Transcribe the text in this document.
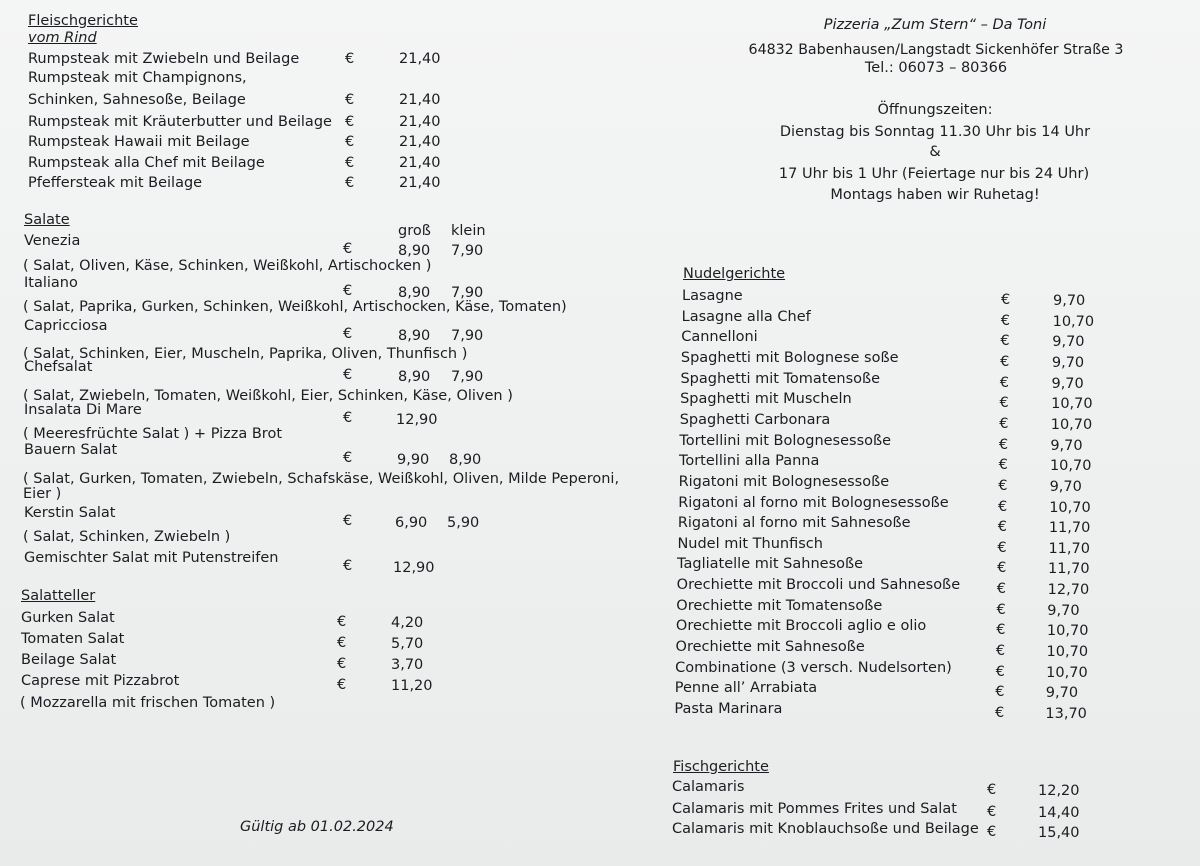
Pizzeria „Zum Stern“ – Da Toni
64832 Babenhausen/Langstadt Sickenhöfer Straße 3
Tel.: 06073 – 80366
Öffnungszeiten:
Dienstag bis Sonntag 11.30 Uhr bis 14 Uhr
&
17 Uhr bis 1 Uhr (Feiertage nur bis 24 Uhr)
Montags haben wir Ruhetag!
Fleischgerichte
vom Rind
Salate
groß klein
Salatteller
( Mozzarella mit frischen Tomaten )
Gültig ab 01.02.2024
Nudelgerichte
Fischgerichte
Rumpsteak mit Zwiebeln und Beilage	€	21,40
Rumpsteak mit Champignons,
Schinken, Sahnesoße, Beilage	€	21,40
Rumpsteak mit Kräuterbutter und Beilage €	21,40
Rumpsteak Hawaii mit Beilage	€	21,40
Rumpsteak alla Chef mit Beilage	€	21,40
Pfeffersteak mit Beilage	€	21,40
Venezia	€	8,90 7,90
( Salat, Oliven, Käse, Schinken, Weißkohl, Artischocken )
Italiano	€	8,90 7,90
( Salat, Paprika, Gurken, Schinken, Weißkohl, Artischocken, Käse, Tomaten)
Capricciosa	€	8,90 7,90
( Salat, Schinken, Eier, Muscheln, Paprika, Oliven, Thunfisch )
Chefsalat	€	8,90 7,90
( Salat, Zwiebeln, Tomaten, Weißkohl, Eier, Schinken, Käse, Oliven )
Insalata Di Mare	€	12,90
( Meeresfrüchte Salat ) + Pizza Brot
Bauern Salat	€	9,90 8,90
( Salat, Gurken, Tomaten, Zwiebeln, Schafskäse, Weißkohl, Oliven, Milde Peperoni,
Eier )
Kerstin Salat	€	6,90 5,90
( Salat, Schinken, Zwiebeln )
Gemischter Salat mit Putenstreifen	€	12,90
Gurken Salat	€	4,20
Tomaten Salat	€	5,70
Beilage Salat	€	3,70
Caprese mit Pizzabrot	€	11,20
Lasagne	€	9,70
Lasagne alla Chef	€	10,70
Cannelloni	€	9,70
Spaghetti mit Bolognese soße	€	9,70
Spaghetti mit Tomatensoße	€	9,70
Spaghetti mit Muscheln	€	10,70
Spaghetti Carbonara	€	10,70
Tortellini mit Bolognesessoße	€	9,70
Tortellini alla Panna	€	10,70
Rigatoni mit Bolognesessoße	€	9,70
Rigatoni al forno mit Bolognesessoße	€	10,70
Rigatoni al forno mit Sahnesoße	€	11,70
Nudel mit Thunfisch	€	11,70
Tagliatelle mit Sahnesoße	€	11,70
Orechiette mit Broccoli und Sahnesoße	€	12,70
Orechiette mit Tomatensoße	€	9,70
Orechiette mit Broccoli aglio e olio	€	10,70
Orechiette mit Sahnesoße	€	10,70
Combinatione (3 versch. Nudelsorten)	€	10,70
Penne all’ Arrabiata	€	9,70
Pasta Marinara	€	13,70
Calamaris	€	12,20
Calamaris mit Pommes Frites und Salat €	14,40
Calamaris mit Knoblauchsoße und Beilage €	15,40
